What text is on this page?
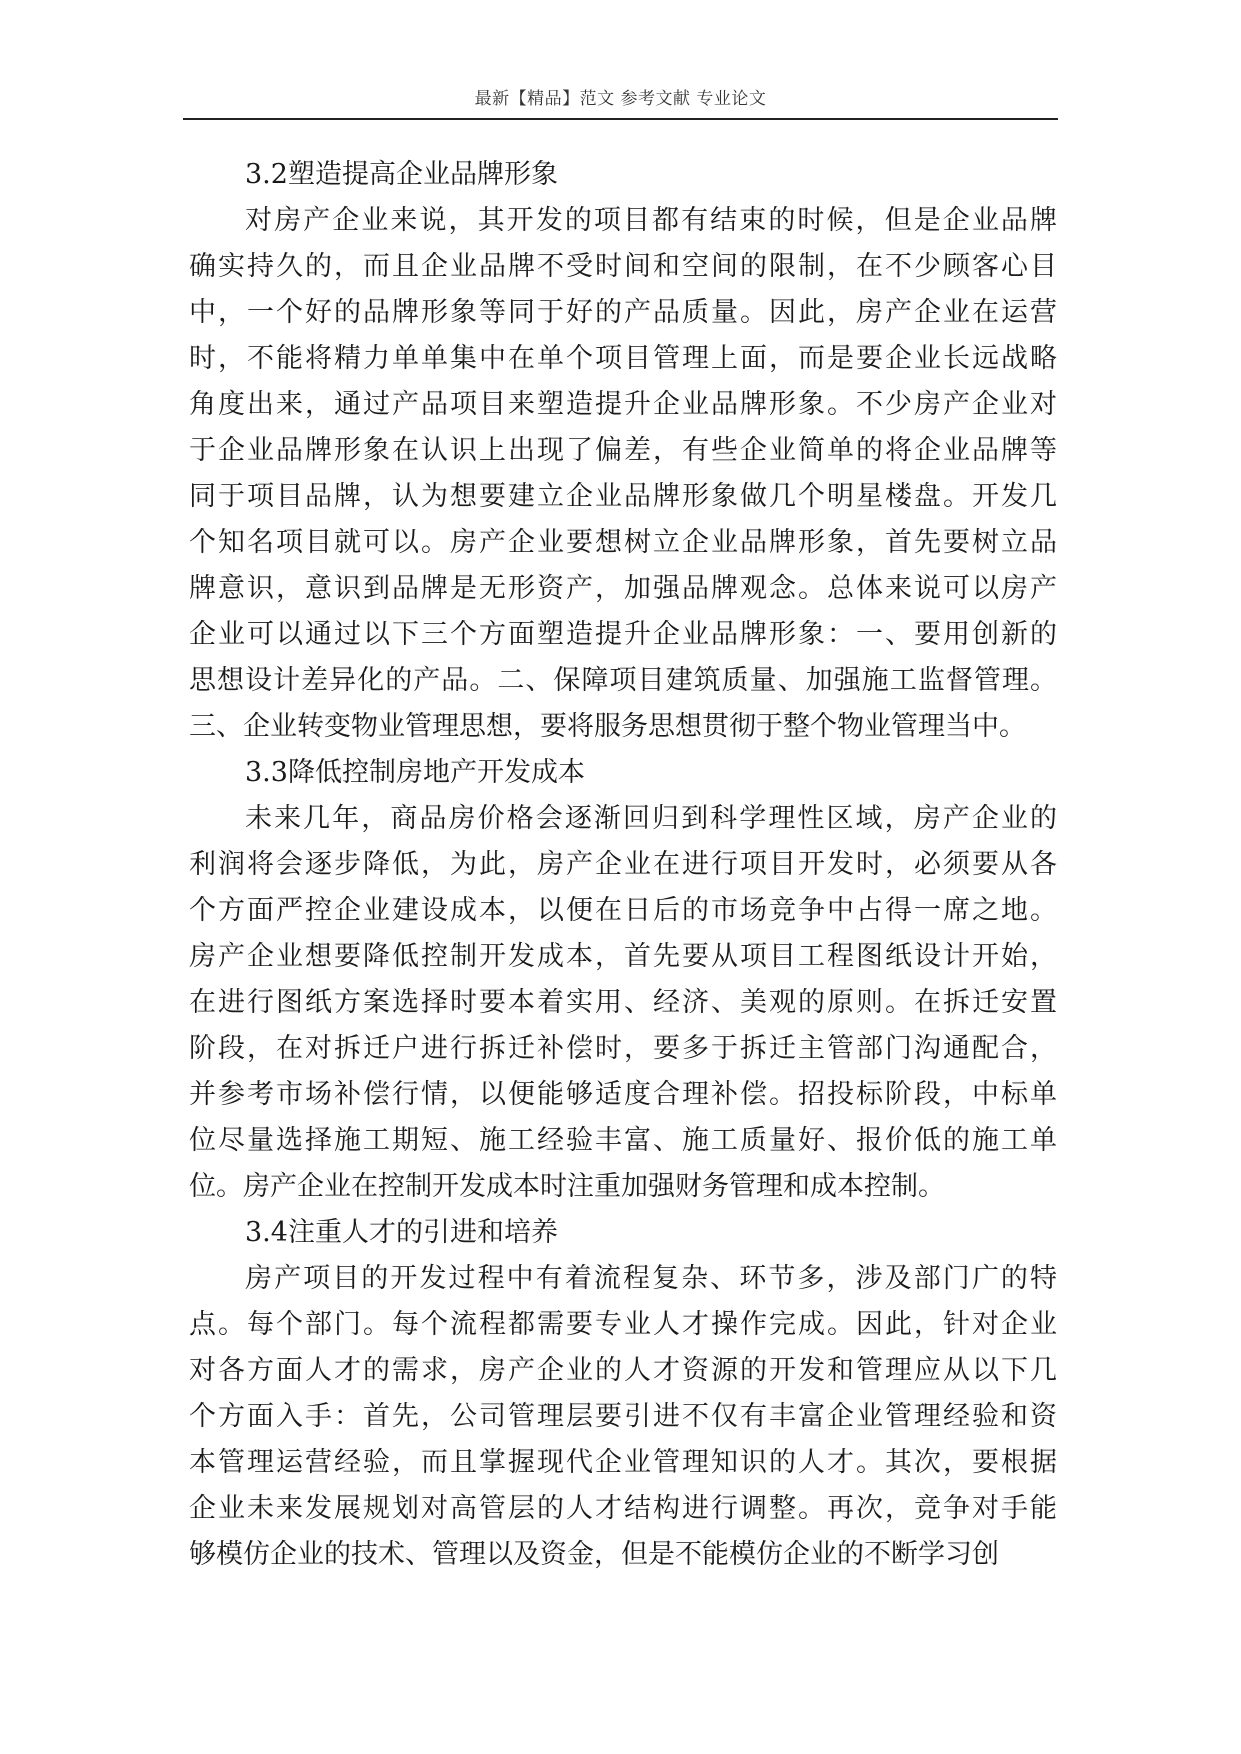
最新【精品】范文 参考文献 专业论文
3.2塑造提高企业品牌形象
对房产企业来说，其开发的项目都有结束的时候，但是企业品牌
确实持久的，而且企业品牌不受时间和空间的限制，在不少顾客心目
中，一个好的品牌形象等同于好的产品质量。因此，房产企业在运营
时，不能将精力单单集中在单个项目管理上面，而是要企业长远战略
角度出来，通过产品项目来塑造提升企业品牌形象。不少房产企业对
于企业品牌形象在认识上出现了偏差，有些企业简单的将企业品牌等
同于项目品牌，认为想要建立企业品牌形象做几个明星楼盘。开发几
个知名项目就可以。房产企业要想树立企业品牌形象，首先要树立品
牌意识，意识到品牌是无形资产，加强品牌观念。总体来说可以房产
企业可以通过以下三个方面塑造提升企业品牌形象：一、要用创新的
思想设计差异化的产品。二、保障项目建筑质量、加强施工监督管理。
三、企业转变物业管理思想，要将服务思想贯彻于整个物业管理当中。
3.3降低控制房地产开发成本
未来几年，商品房价格会逐渐回归到科学理性区域，房产企业的
利润将会逐步降低，为此，房产企业在进行项目开发时，必须要从各
个方面严控企业建设成本，以便在日后的市场竞争中占得一席之地。
房产企业想要降低控制开发成本，首先要从项目工程图纸设计开始，
在进行图纸方案选择时要本着实用、经济、美观的原则。在拆迁安置
阶段，在对拆迁户进行拆迁补偿时，要多于拆迁主管部门沟通配合，
并参考市场补偿行情，以便能够适度合理补偿。招投标阶段，中标单
位尽量选择施工期短、施工经验丰富、施工质量好、报价低的施工单
位。房产企业在控制开发成本时注重加强财务管理和成本控制。
3.4注重人才的引进和培养
房产项目的开发过程中有着流程复杂、环节多，涉及部门广的特
点。每个部门。每个流程都需要专业人才操作完成。因此，针对企业
对各方面人才的需求，房产企业的人才资源的开发和管理应从以下几
个方面入手：首先，公司管理层要引进不仅有丰富企业管理经验和资
本管理运营经验，而且掌握现代企业管理知识的人才。其次，要根据
企业未来发展规划对高管层的人才结构进行调整。再次，竞争对手能
够模仿企业的技术、管理以及资金，但是不能模仿企业的不断学习创
